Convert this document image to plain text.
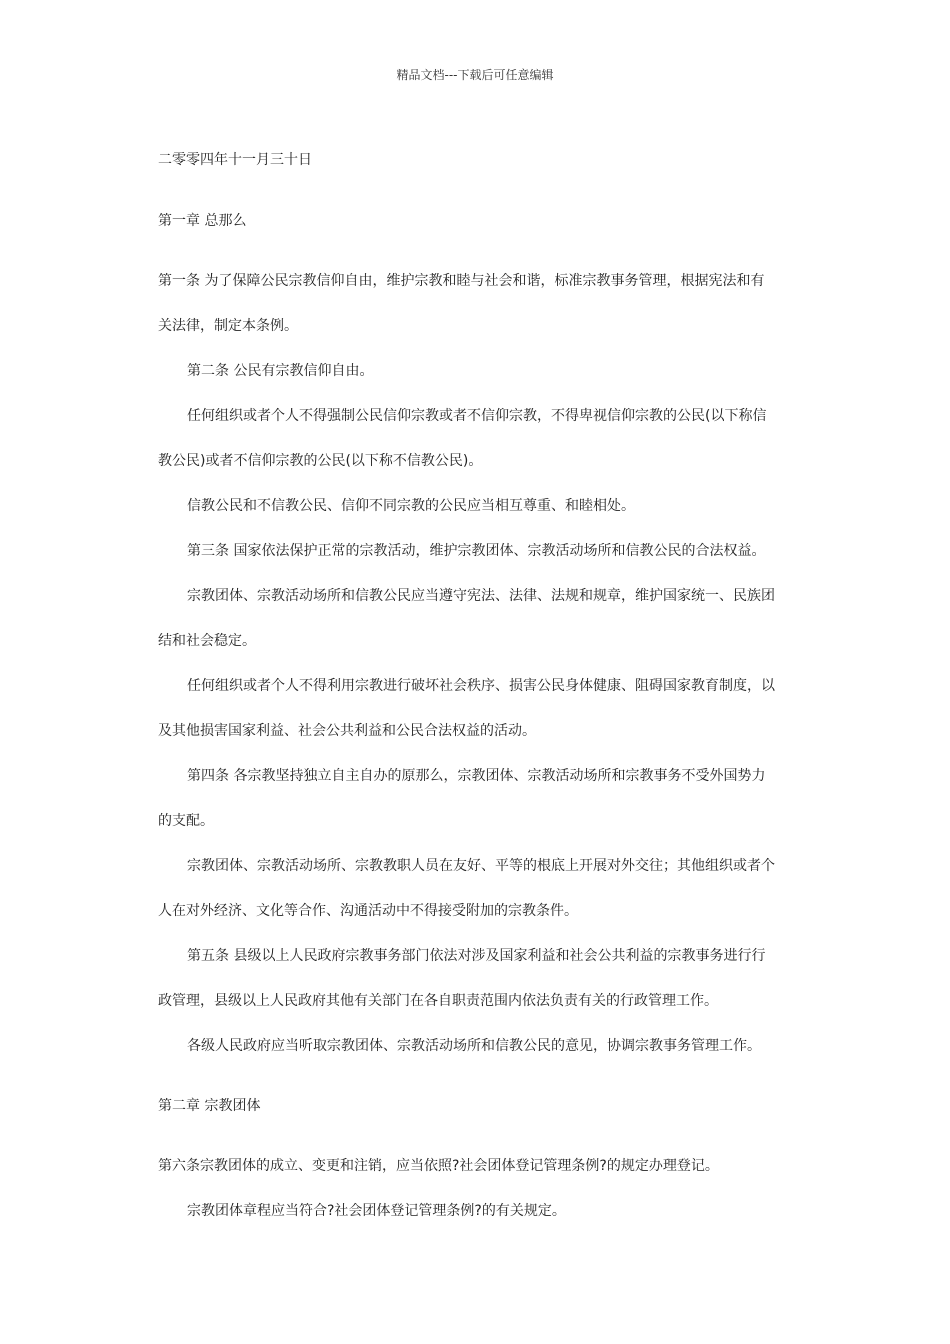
精品文档---下载后可任意编辑
二零零四年十一月三十日
第一章 总那么
第一条 为了保障公民宗教信仰自由，维护宗教和睦与社会和谐，标准宗教事务管理，根据宪法和有
关法律，制定本条例。
第二条 公民有宗教信仰自由。
任何组织或者个人不得强制公民信仰宗教或者不信仰宗教，不得卑视信仰宗教的公民(以下称信
教公民)或者不信仰宗教的公民(以下称不信教公民)。
信教公民和不信教公民、信仰不同宗教的公民应当相互尊重、和睦相处。
第三条 国家依法保护正常的宗教活动，维护宗教团体、宗教活动场所和信教公民的合法权益。
宗教团体、宗教活动场所和信教公民应当遵守宪法、法律、法规和规章，维护国家统一、民族团
结和社会稳定。
任何组织或者个人不得利用宗教进行破坏社会秩序、损害公民身体健康、阻碍国家教育制度，以
及其他损害国家利益、社会公共利益和公民合法权益的活动。
第四条 各宗教坚持独立自主自办的原那么，宗教团体、宗教活动场所和宗教事务不受外国势力
的支配。
宗教团体、宗教活动场所、宗教教职人员在友好、平等的根底上开展对外交往；其他组织或者个
人在对外经济、文化等合作、沟通活动中不得接受附加的宗教条件。
第五条 县级以上人民政府宗教事务部门依法对涉及国家利益和社会公共利益的宗教事务进行行
政管理，县级以上人民政府其他有关部门在各自职责范围内依法负责有关的行政管理工作。
各级人民政府应当听取宗教团体、宗教活动场所和信教公民的意见，协调宗教事务管理工作。
第二章 宗教团体
第六条宗教团体的成立、变更和注销，应当依照?社会团体登记管理条例?的规定办理登记。
宗教团体章程应当符合?社会团体登记管理条例?的有关规定。
